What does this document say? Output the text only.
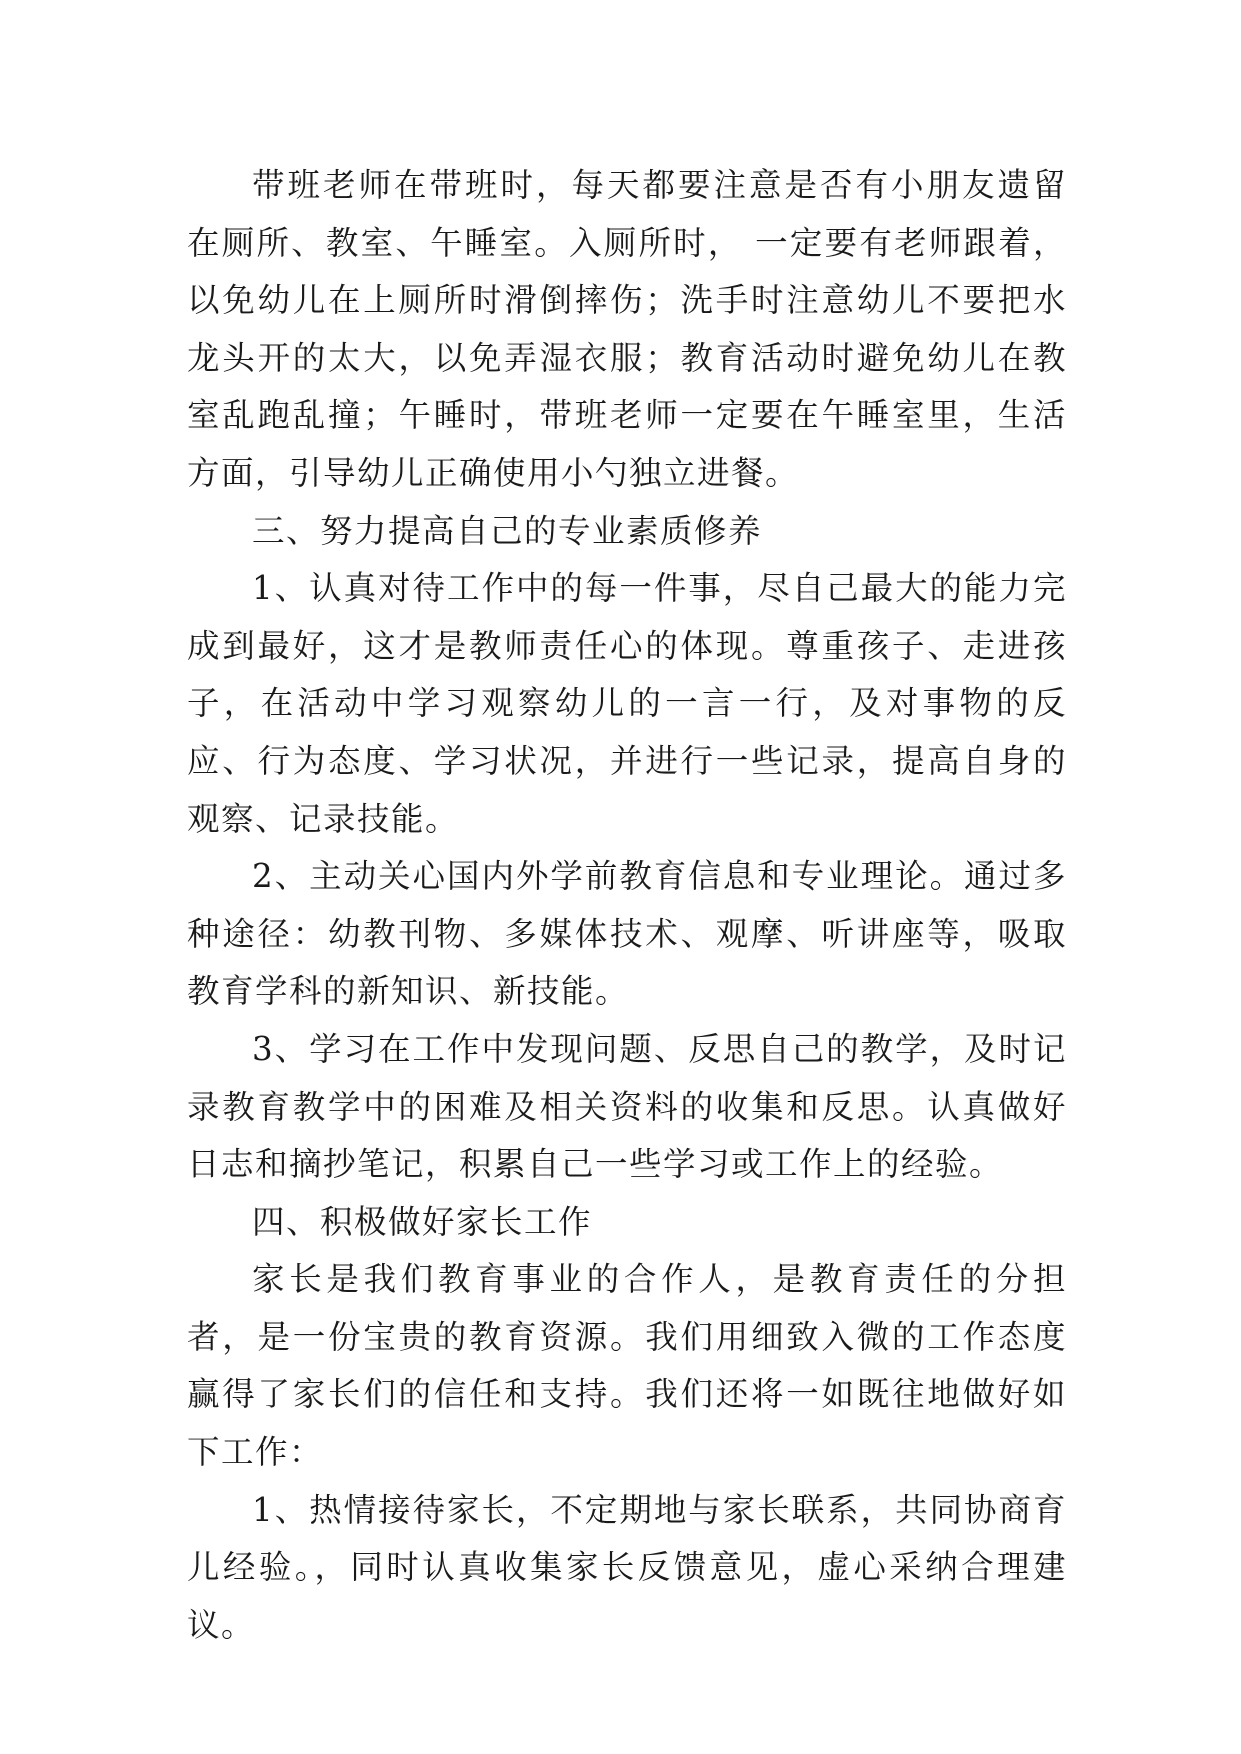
带班老师在带班时，每天都要注意是否有小朋友遗留在厕所、教室、午睡室。入厕所时， 一定要有老师跟着，以免幼儿在上厕所时滑倒摔伤；洗手时注意幼儿不要把水龙头开的太大，以免弄湿衣服；教育活动时避免幼儿在教室乱跑乱撞；午睡时，带班老师一定要在午睡室里，生活方面，引导幼儿正确使用小勺独立进餐。

三、努力提高自己的专业素质修养

1、认真对待工作中的每一件事，尽自己最大的能力完成到最好，这才是教师责任心的体现。尊重孩子、走进孩子，在活动中学习观察幼儿的一言一行，及对事物的反应、行为态度、学习状况，并进行一些记录，提高自身的观察、记录技能。

2、主动关心国内外学前教育信息和专业理论。通过多种途径：幼教刊物、多媒体技术、观摩、听讲座等，吸取教育学科的新知识、新技能。

3、学习在工作中发现问题、反思自己的教学，及时记录教育教学中的困难及相关资料的收集和反思。认真做好日志和摘抄笔记，积累自己一些学习或工作上的经验。

四、积极做好家长工作

家长是我们教育事业的合作人，是教育责任的分担者，是一份宝贵的教育资源。我们用细致入微的工作态度赢得了家长们的信任和支持。我们还将一如既往地做好如下工作：

1、热情接待家长，不定期地与家长联系，共同协商育儿经验。，同时认真收集家长反馈意见，虚心采纳合理建议。
